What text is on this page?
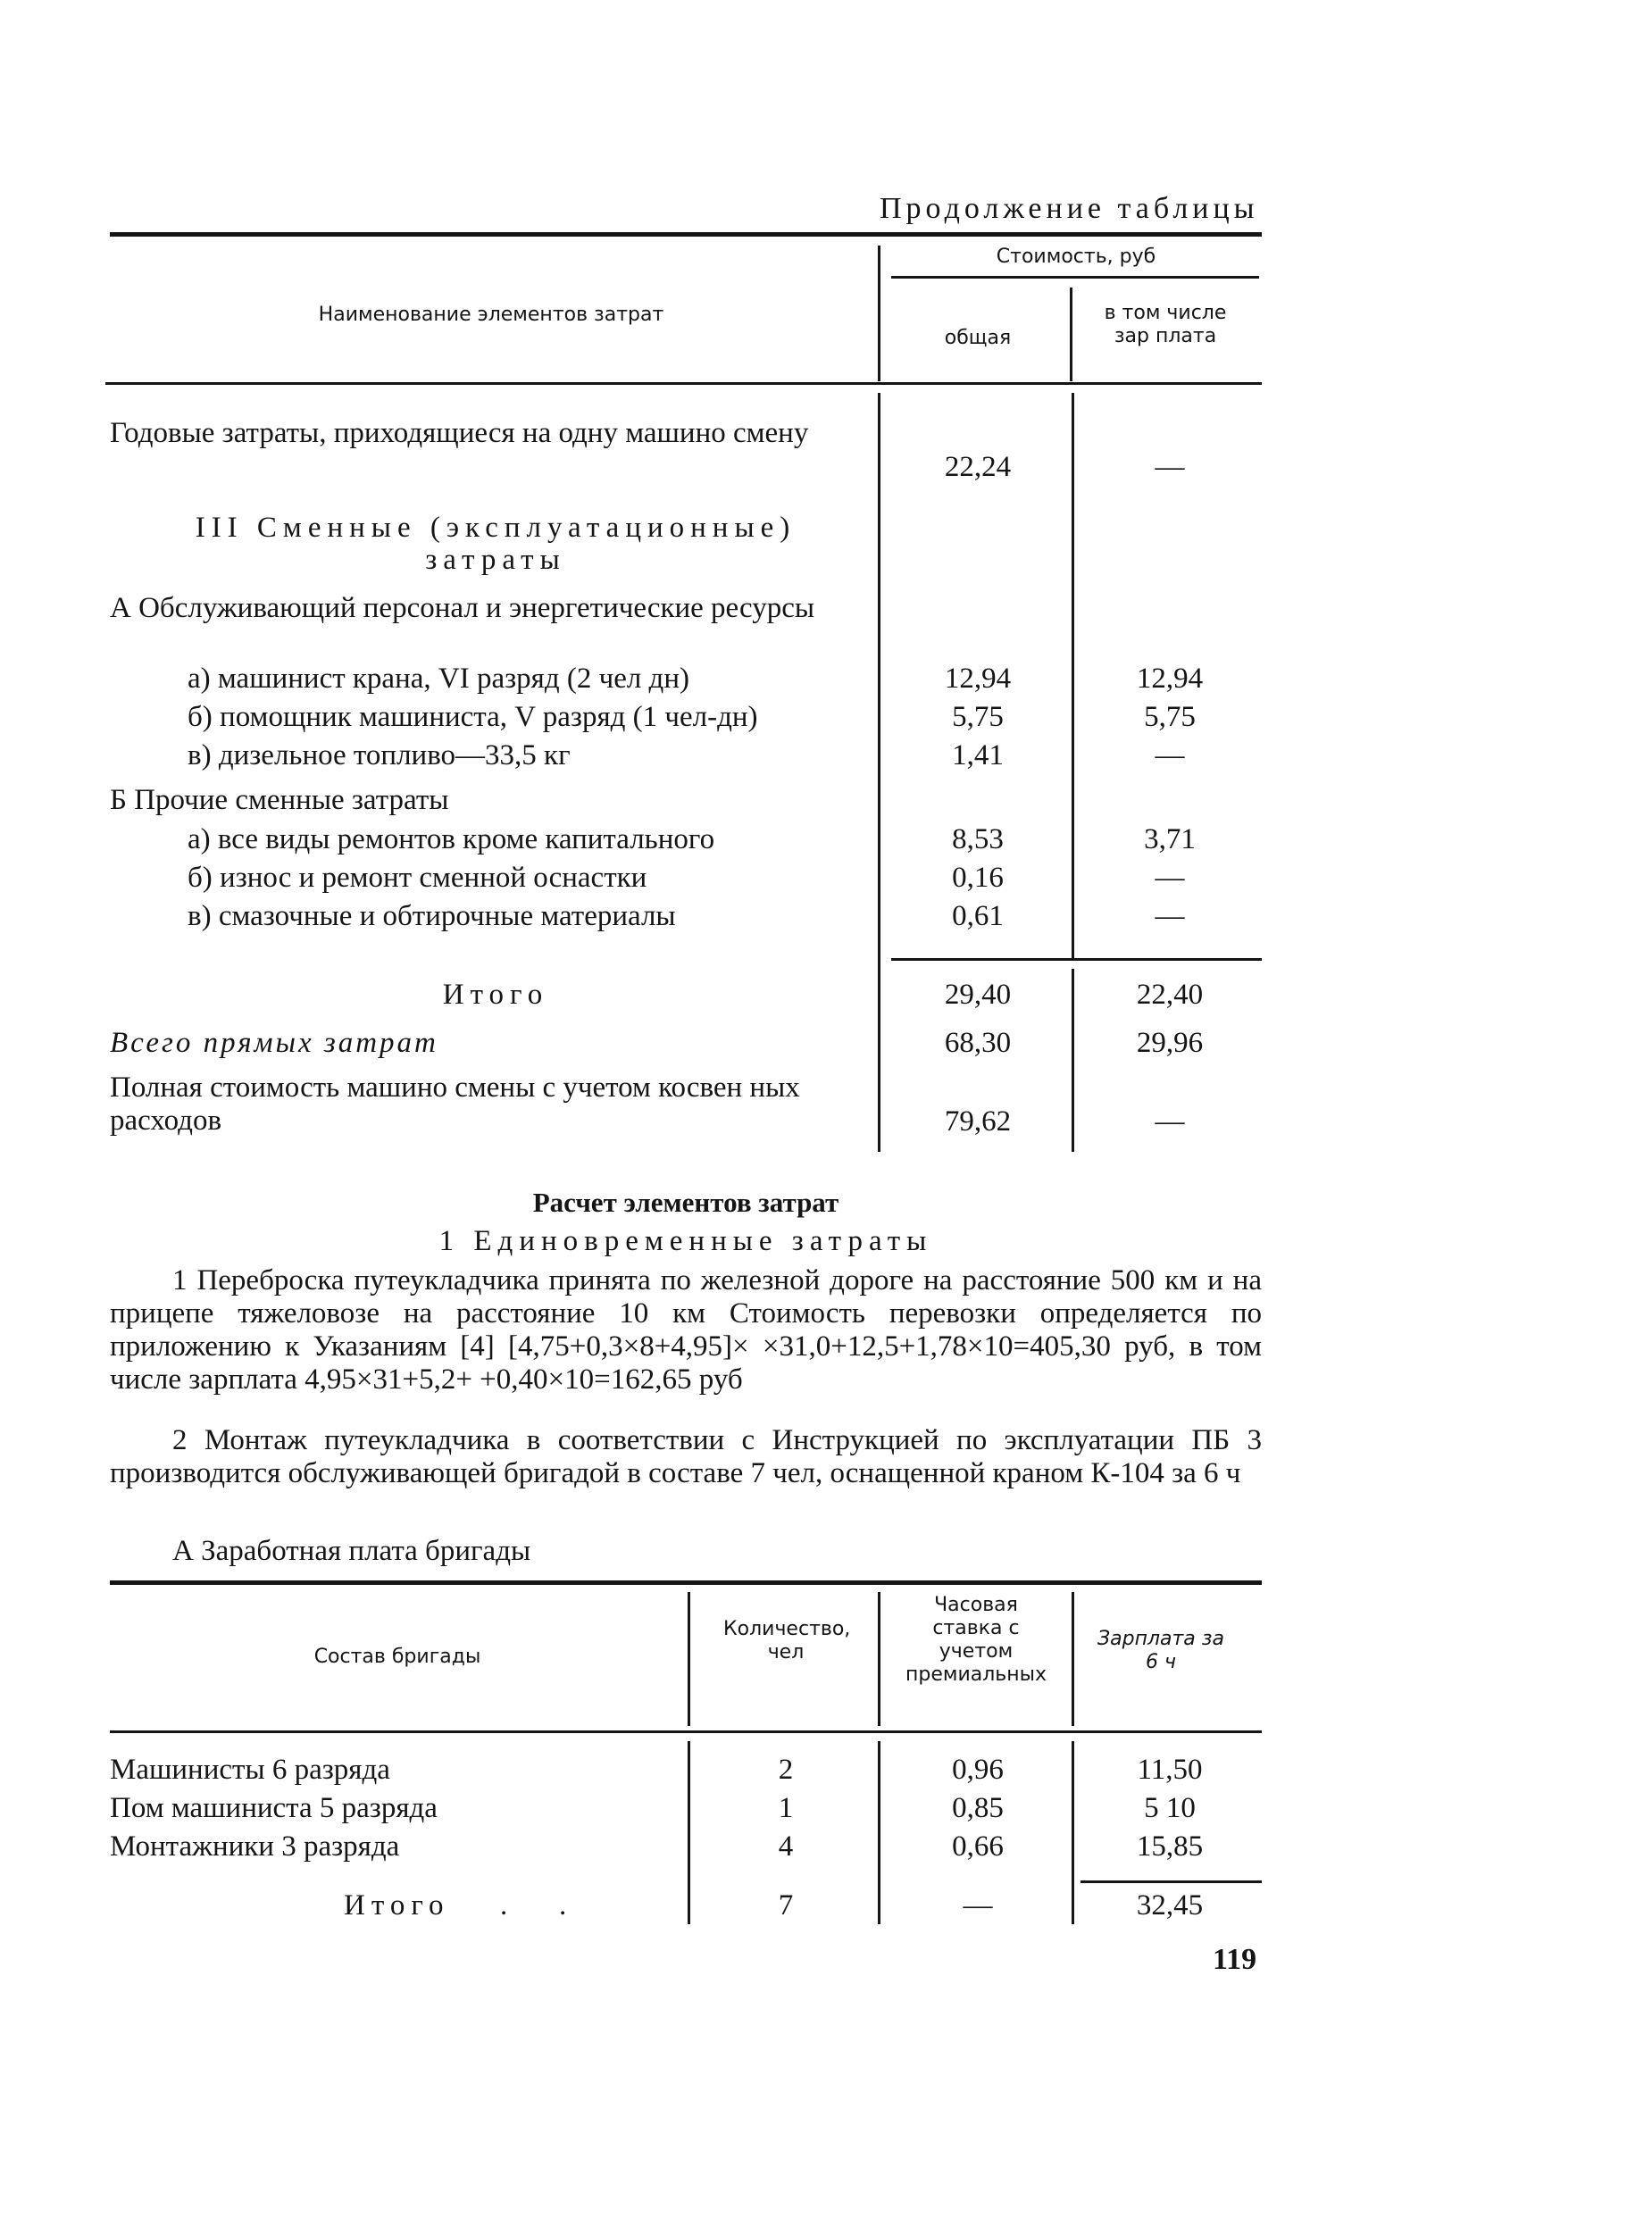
Продолжение таблицы
Наименование элементов затрат
Стоимость, руб
общая
в том числе зар плата
Годовые затраты, приходящиеся на одну машино смену
22,24	—
III Сменные (эксплуатационные) затраты
А Обслуживающий персонал и энергетические ресурсы
а) машинист крана, VI разряд (2 чел дн)	12,94	12,94
б) помощник машиниста, V разряд (1 чел-дн)	5,75	5,75
в) дизельное топливо—33,5 кг	1,41	—
Б Прочие сменные затраты
а) все виды ремонтов кроме капитального	8,53	3,71
б) износ и ремонт сменной оснастки	0,16	—
в) смазочные и обтирочные материалы	0,61	—
Итого	29,40	22,40
Всего прямых затрат	68,30	29,96
Полная стоимость машино смены с учетом косвен ных расходов	79,62	—
Расчет элементов затрат
1 Единовременные затраты
1 Переброска путеукладчика принята по железной дороге на расстояние 500 км и на прицепе тяжеловозе на расстояние 10 км Стоимость перевозки определяется по приложению к Указаниям [4] [4,75+0,3×8+4,95]× ×31,0+12,5+1,78×10=405,30 руб, в том числе зарплата 4,95×31+5,2+ +0,40×10=162,65 руб
2 Монтаж путеукладчика в соответствии с Инструкцией по эксплуатации ПБ 3 производится обслуживающей бригадой в составе 7 чел, оснащенной краном К-104 за 6 ч
А Заработная плата бригады
Состав бригады
Количество, чел
Часовая ставка с учетом премиальных
Зарплата за 6 ч
Машинисты 6 разряда	2	0,96	11,50
Пом машиниста 5 разряда	1	0,85	5 10
Монтажники 3 разряда	4	0,66	15,85
Итого .       .	7	—	32,45
119
